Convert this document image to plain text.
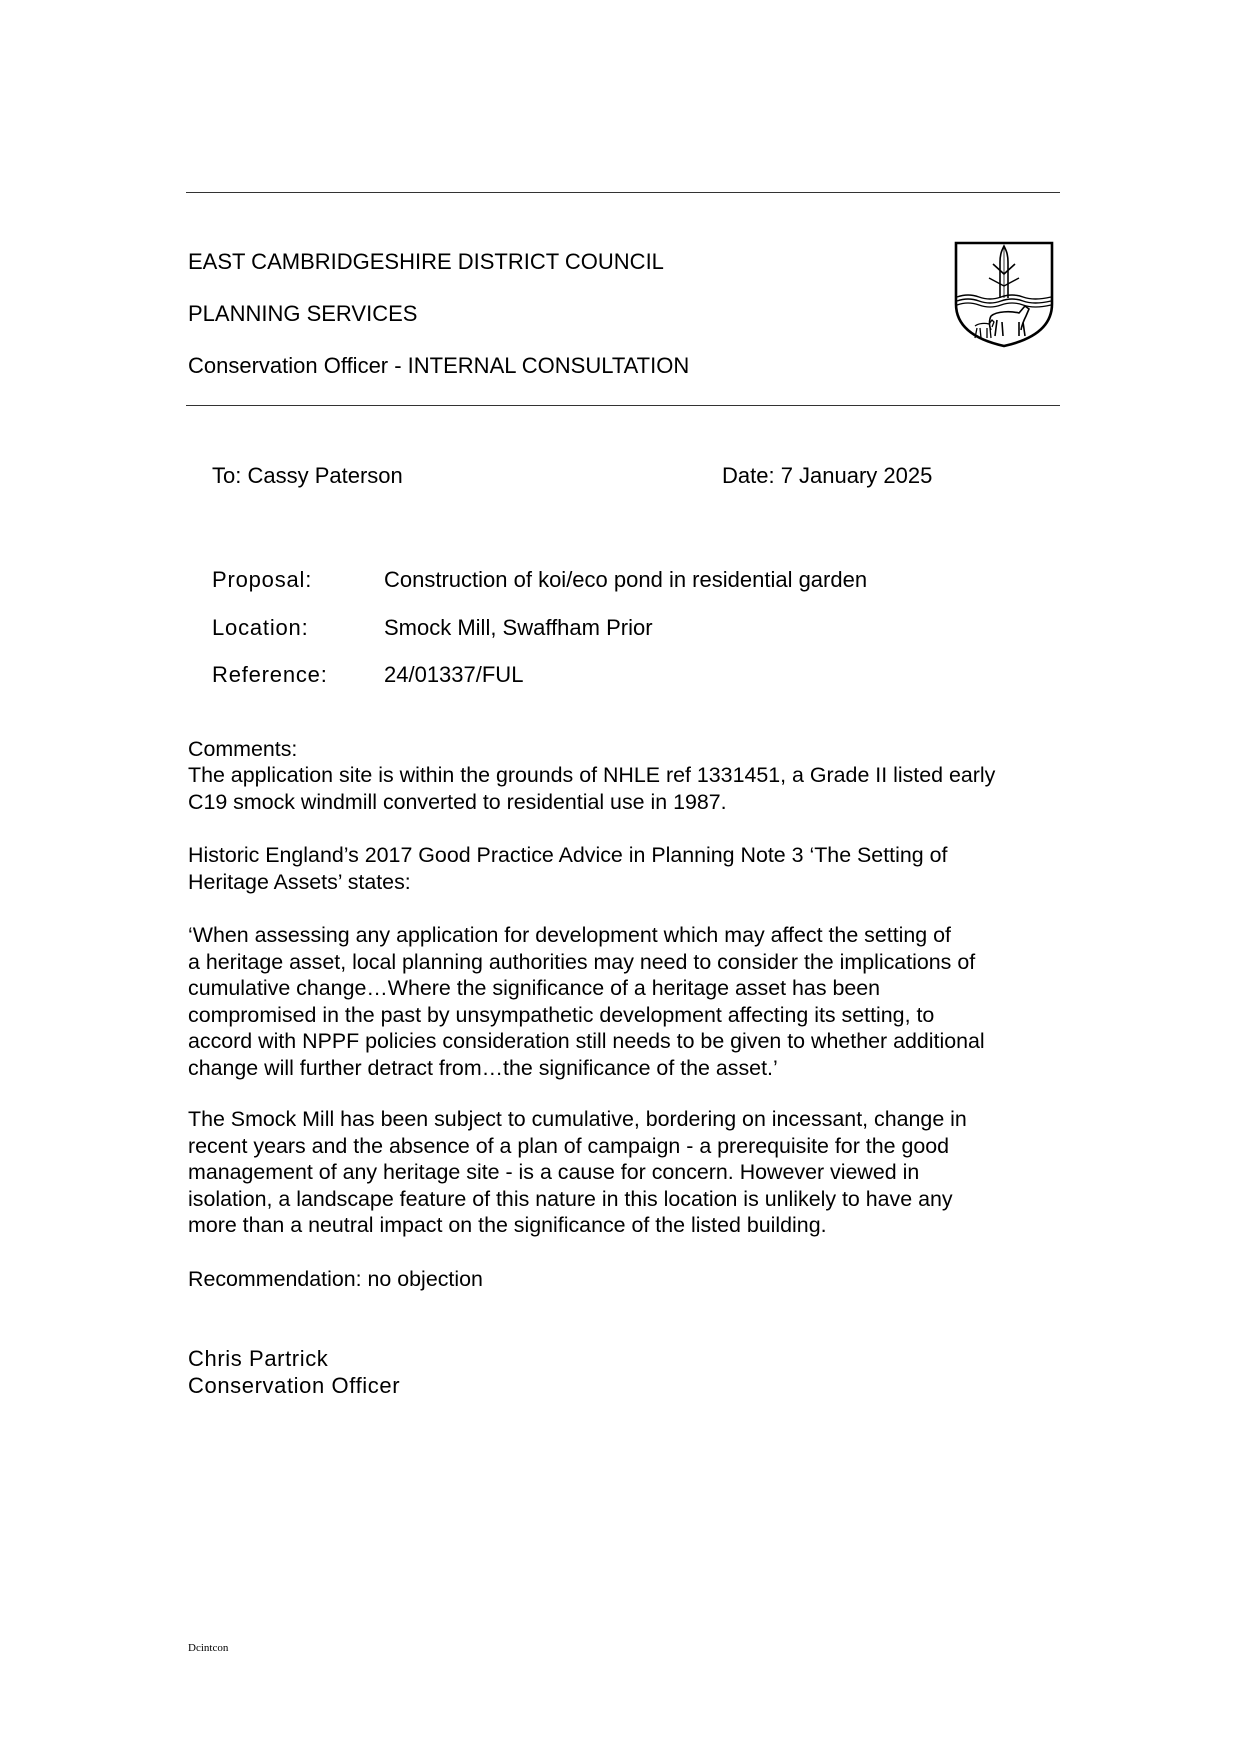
EAST CAMBRIDGESHIRE DISTRICT COUNCIL
PLANNING SERVICES
Conservation Officer - INTERNAL CONSULTATION
To: Cassy Paterson	Date: 7 January 2025
Proposal:	Construction of koi/eco pond in residential garden
Location:	Smock Mill, Swaffham Prior
Reference:	24/01337/FUL
Comments:
The application site is within the grounds of NHLE ref 1331451, a Grade II listed early
C19 smock windmill converted to residential use in 1987.
Historic England’s 2017 Good Practice Advice in Planning Note 3 ‘The Setting of
Heritage Assets’ states:
‘When assessing any application for development which may affect the setting of
a heritage asset, local planning authorities may need to consider the implications of
cumulative change…Where the significance of a heritage asset has been
compromised in the past by unsympathetic development affecting its setting, to
accord with NPPF policies consideration still needs to be given to whether additional
change will further detract from…the significance of the asset.’
The Smock Mill has been subject to cumulative, bordering on incessant, change in
recent years and the absence of a plan of campaign - a prerequisite for the good
management of any heritage site - is a cause for concern. However viewed in
isolation, a landscape feature of this nature in this location is unlikely to have any
more than a neutral impact on the significance of the listed building.
Recommendation: no objection
Chris Partrick
Conservation Officer
Dcintcon
